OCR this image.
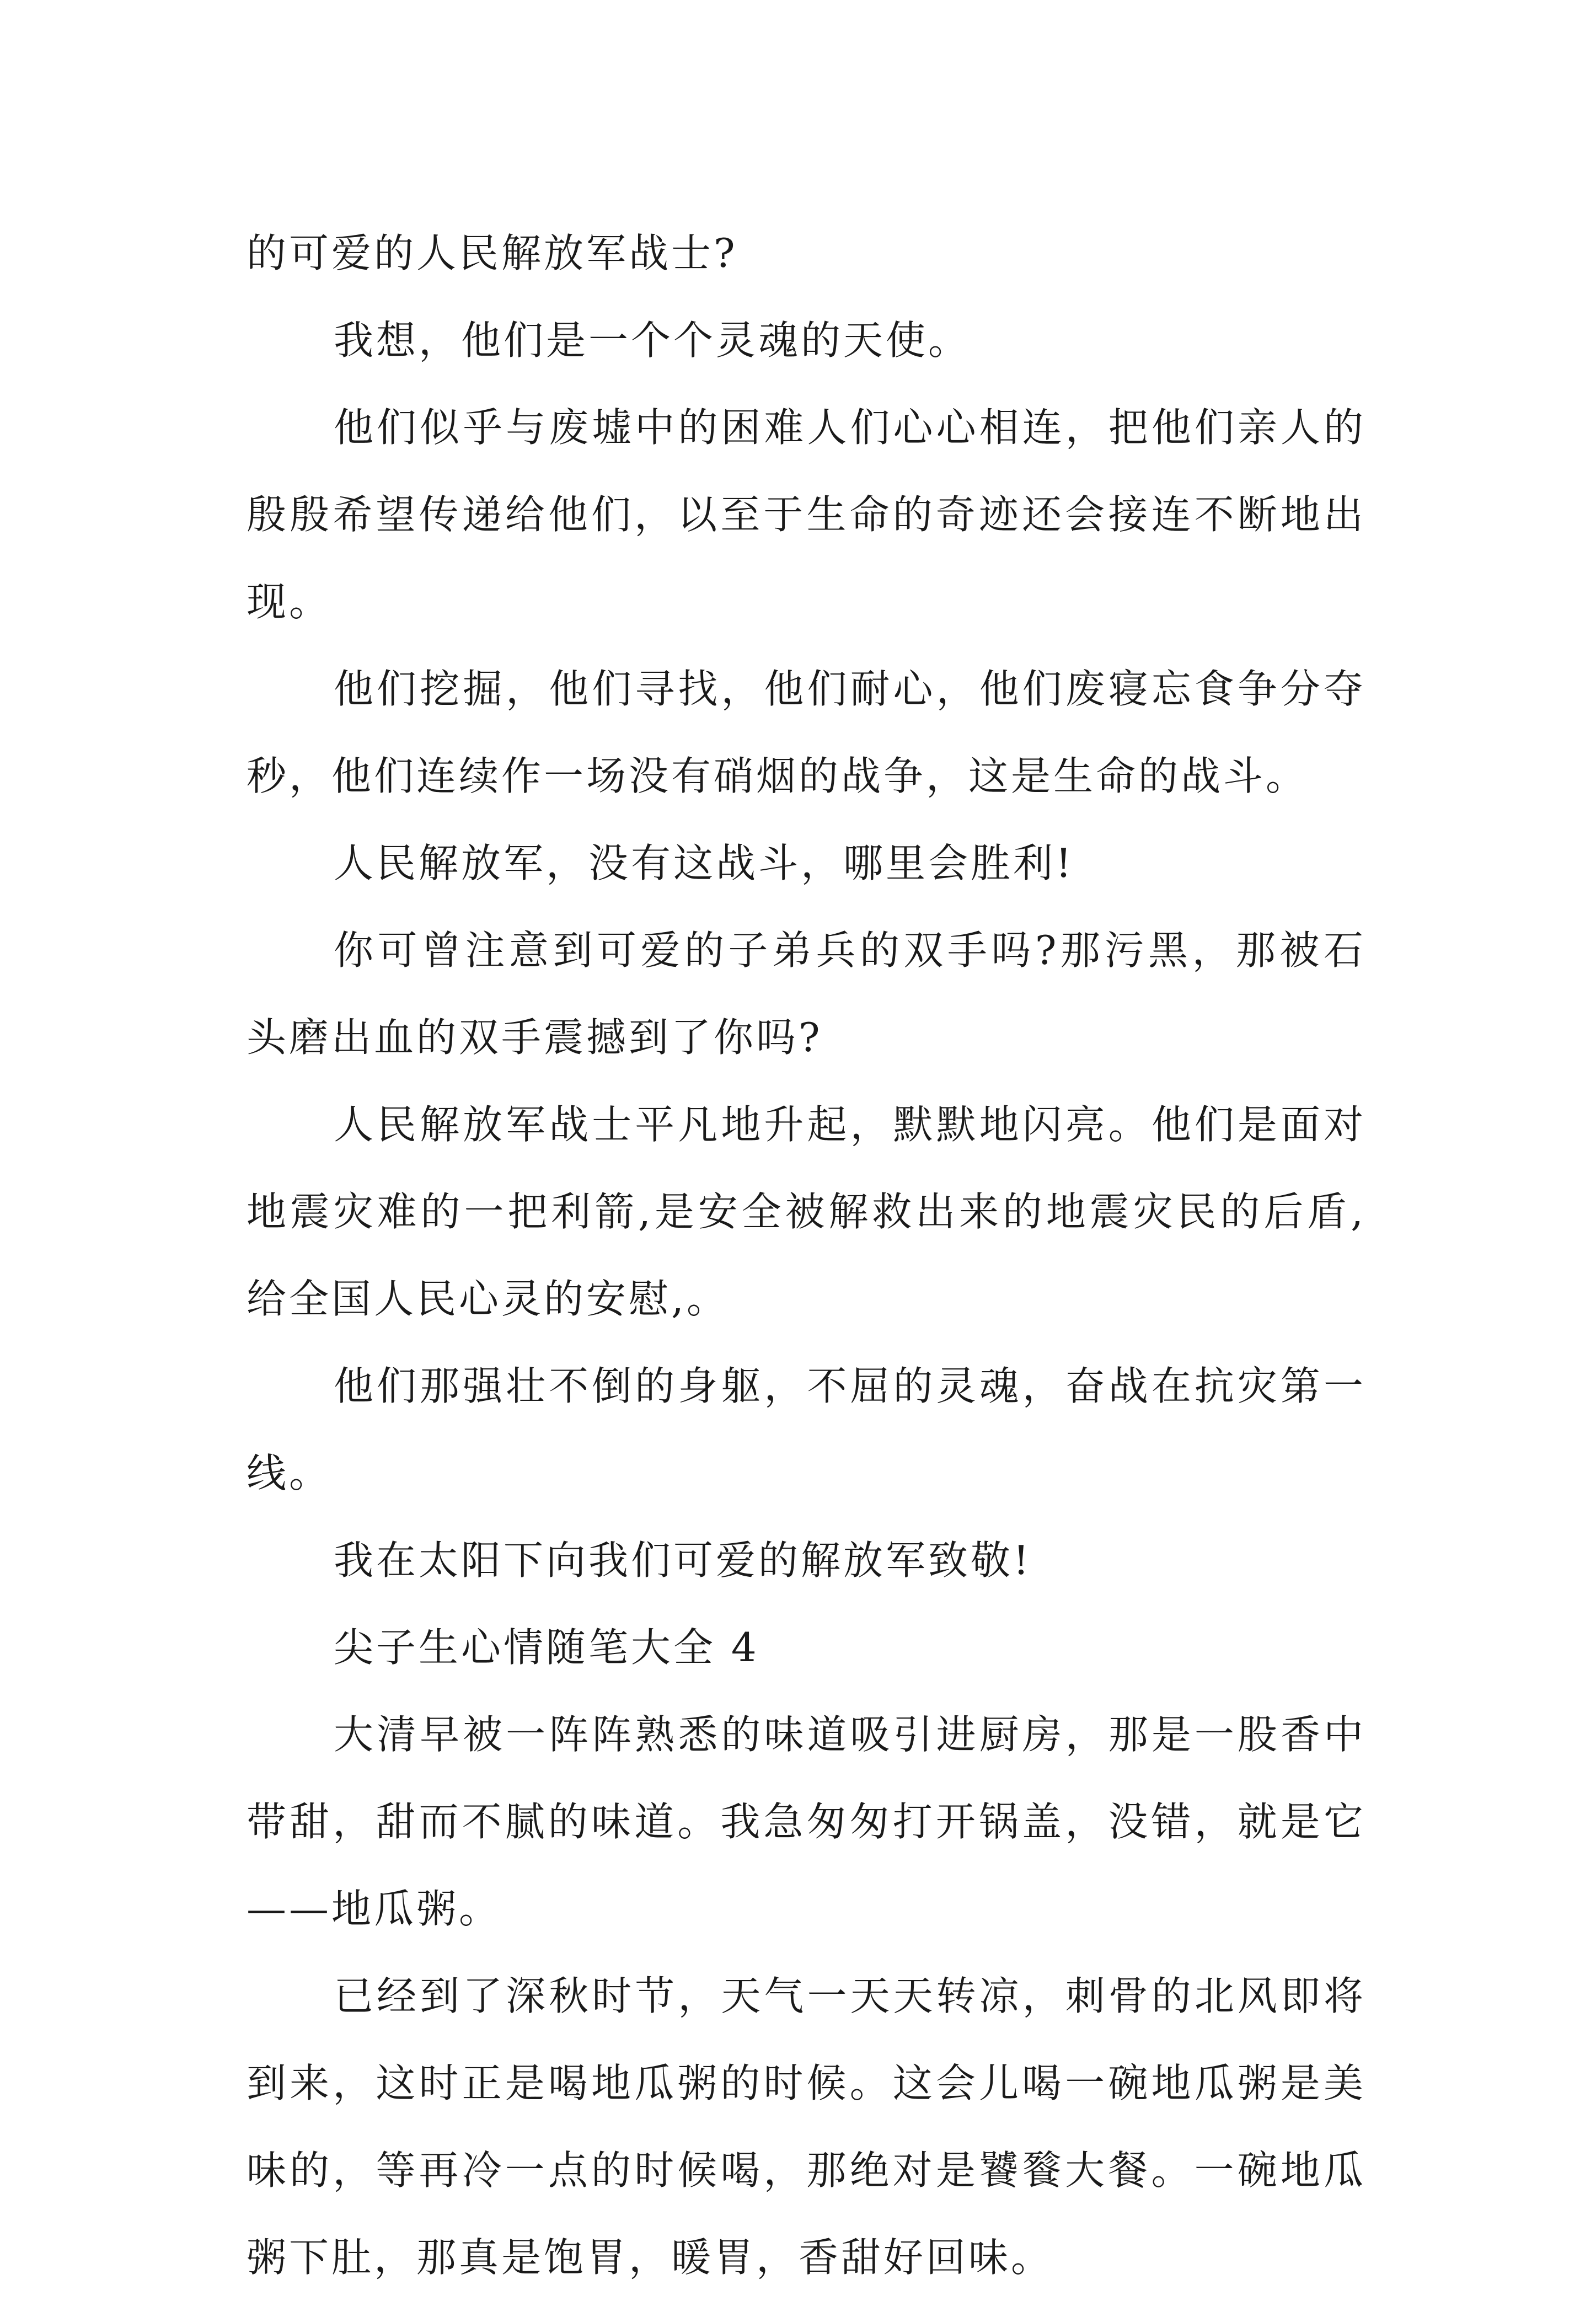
的可爱的人民解放军战士?

我想，他们是一个个灵魂的天使。

他们似乎与废墟中的困难人们心心相连，把他们亲人的殷殷希望传递给他们，以至于生命的奇迹还会接连不断地出现。

他们挖掘，他们寻找，他们耐心，他们废寝忘食争分夺秒，他们连续作一场没有硝烟的战争，这是生命的战斗。

人民解放军，没有这战斗，哪里会胜利!

你可曾注意到可爱的子弟兵的双手吗?那污黑，那被石头磨出血的双手震撼到了你吗?

人民解放军战士平凡地升起，默默地闪亮。他们是面对地震灾难的一把利箭,是安全被解救出来的地震灾民的后盾,给全国人民心灵的安慰,。

他们那强壮不倒的身躯，不屈的灵魂，奋战在抗灾第一线。

我在太阳下向我们可爱的解放军致敬!

尖子生心情随笔大全 4

大清早被一阵阵熟悉的味道吸引进厨房，那是一股香中带甜，甜而不腻的味道。我急匆匆打开锅盖，没错，就是它——地瓜粥。

已经到了深秋时节，天气一天天转凉，刺骨的北风即将到来，这时正是喝地瓜粥的时候。这会儿喝一碗地瓜粥是美味的，等再冷一点的时候喝，那绝对是饕餮大餐。一碗地瓜粥下肚，那真是饱胃，暖胃，香甜好回味。
